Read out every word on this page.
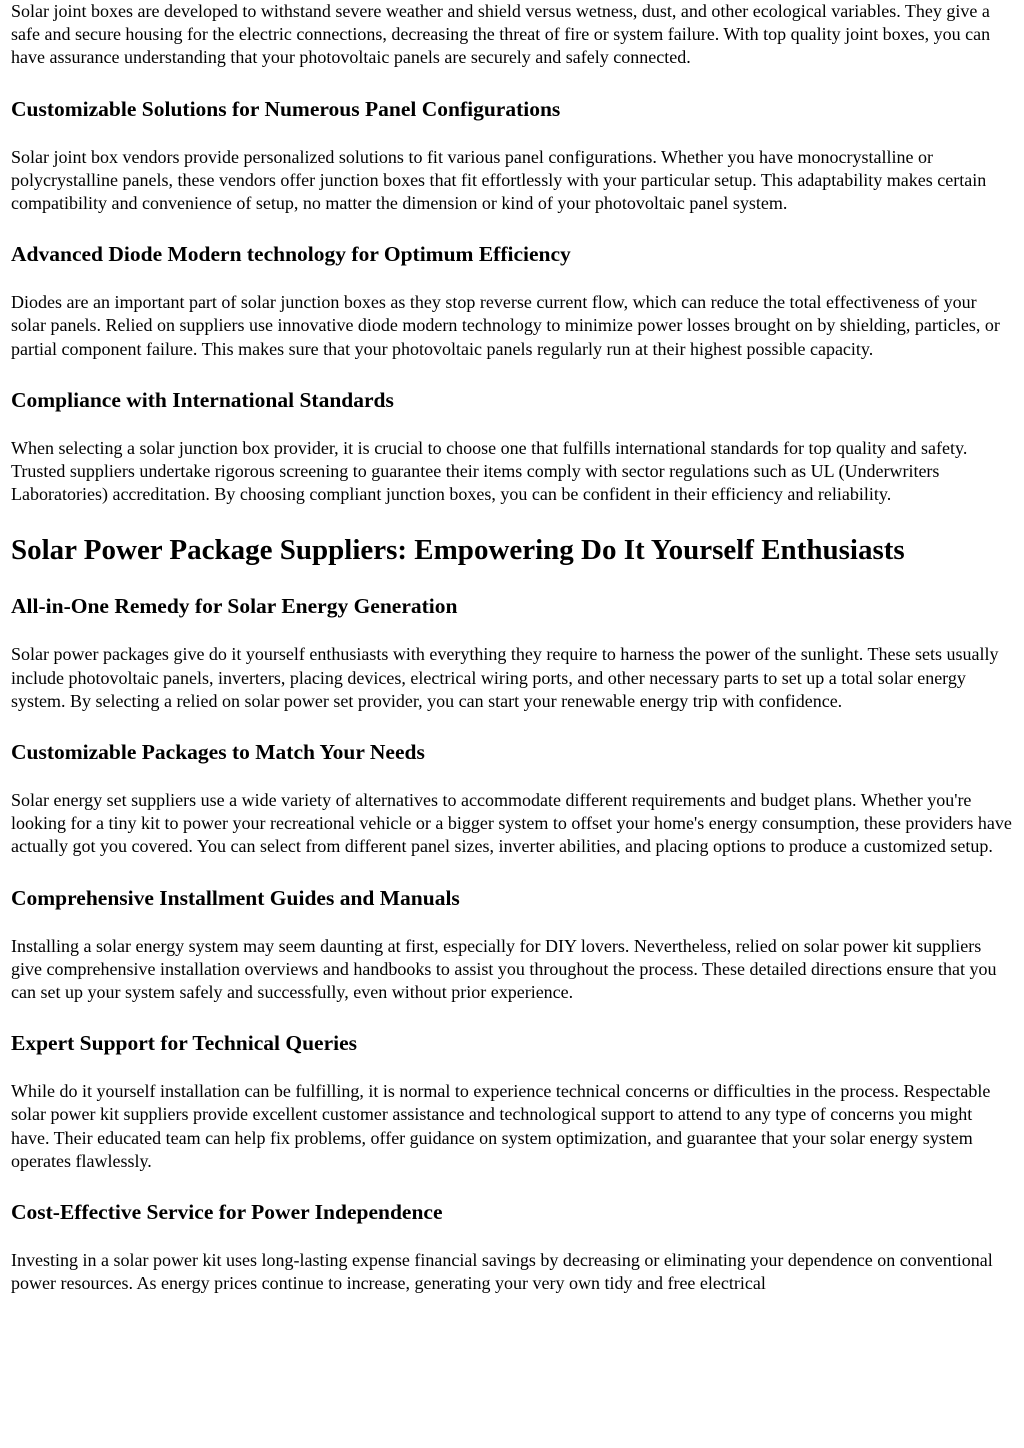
Solar joint boxes are developed to withstand severe weather and shield versus wetness, dust, and other ecological variables. They give a safe and secure housing for the electric connections, decreasing the threat of fire or system failure. With top quality joint boxes, you can have assurance understanding that your photovoltaic panels are securely and safely connected.

Customizable Solutions for Numerous Panel Configurations

Solar joint box vendors provide personalized solutions to fit various panel configurations. Whether you have monocrystalline or polycrystalline panels, these vendors offer junction boxes that fit effortlessly with your particular setup. This adaptability makes certain compatibility and convenience of setup, no matter the dimension or kind of your photovoltaic panel system.

Advanced Diode Modern technology for Optimum Efficiency

Diodes are an important part of solar junction boxes as they stop reverse current flow, which can reduce the total effectiveness of your solar panels. Relied on suppliers use innovative diode modern technology to minimize power losses brought on by shielding, particles, or partial component failure. This makes sure that your photovoltaic panels regularly run at their highest possible capacity.

Compliance with International Standards

When selecting a solar junction box provider, it is crucial to choose one that fulfills international standards for top quality and safety. Trusted suppliers undertake rigorous screening to guarantee their items comply with sector regulations such as UL (Underwriters Laboratories) accreditation. By choosing compliant junction boxes, you can be confident in their efficiency and reliability.

Solar Power Package Suppliers: Empowering Do It Yourself Enthusiasts
All-in-One Remedy for Solar Energy Generation

Solar power packages give do it yourself enthusiasts with everything they require to harness the power of the sunlight. These sets usually include photovoltaic panels, inverters, placing devices, electrical wiring ports, and other necessary parts to set up a total solar energy system. By selecting a relied on solar power set provider, you can start your renewable energy trip with confidence.

Customizable Packages to Match Your Needs

Solar energy set suppliers use a wide variety of alternatives to accommodate different requirements and budget plans. Whether you're looking for a tiny kit to power your recreational vehicle or a bigger system to offset your home's energy consumption, these providers have actually got you covered. You can select from different panel sizes, inverter abilities, and placing options to produce a customized setup.

Comprehensive Installment Guides and Manuals

Installing a solar energy system may seem daunting at first, especially for DIY lovers. Nevertheless, relied on solar power kit suppliers give comprehensive installation overviews and handbooks to assist you throughout the process. These detailed directions ensure that you can set up your system safely and successfully, even without prior experience.

Expert Support for Technical Queries

While do it yourself installation can be fulfilling, it is normal to experience technical concerns or difficulties in the process. Respectable solar power kit suppliers provide excellent customer assistance and technological support to attend to any type of concerns you might have. Their educated team can help fix problems, offer guidance on system optimization, and guarantee that your solar energy system operates flawlessly.

Cost-Effective Service for Power Independence

Investing in a solar power kit uses long-lasting expense financial savings by decreasing or eliminating your dependence on conventional power resources. As energy prices continue to increase, generating your very own tidy and free electrical
